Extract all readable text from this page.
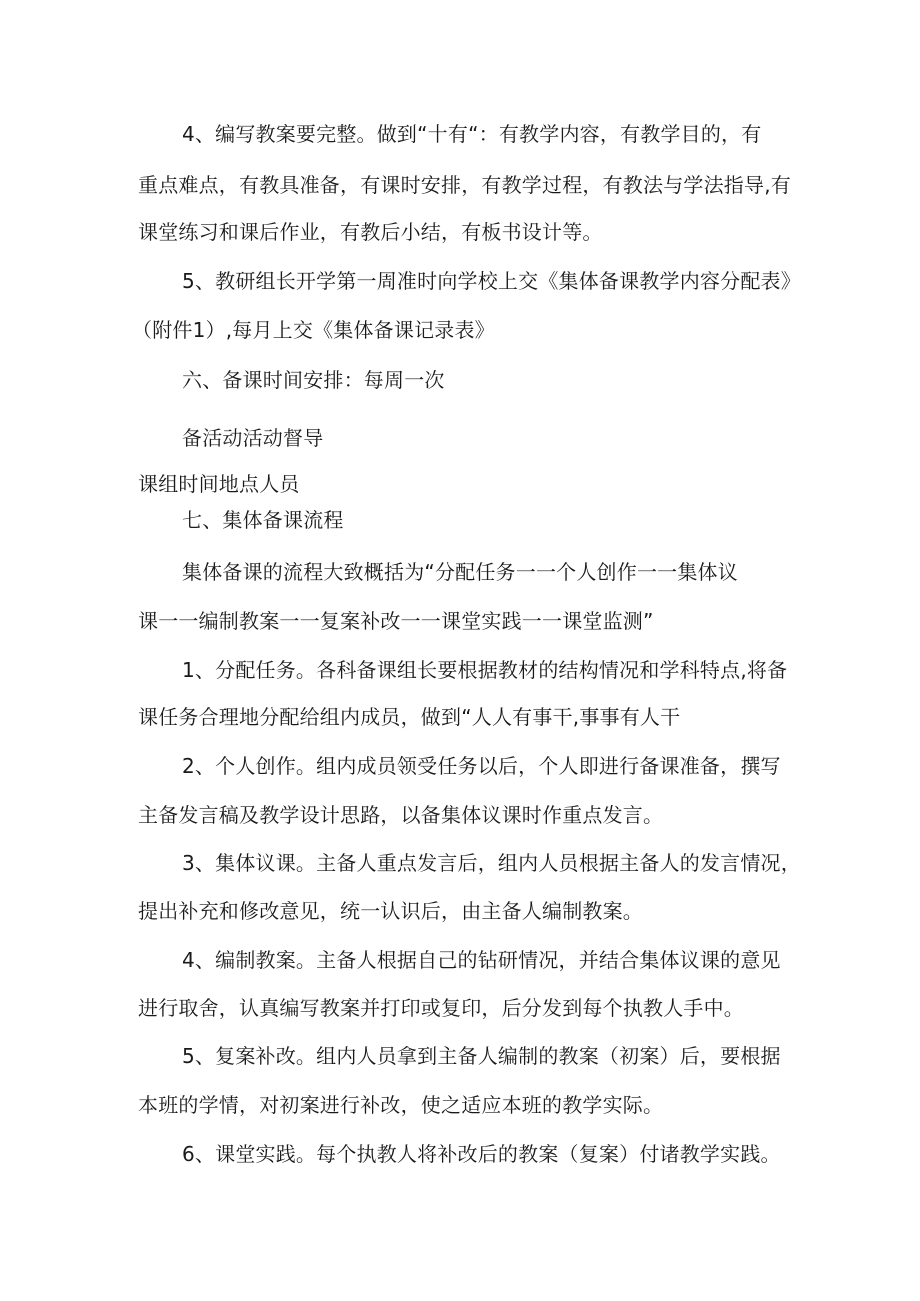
4、编写教案要完整。做到“十有“：有教学内容，有教学目的，有
重点难点，有教具准备，有课时安排，有教学过程，有教法与学法指导,有
课堂练习和课后作业，有教后小结，有板书设计等。
5、教研组长开学第一周准时向学校上交《集体备课教学内容分配表》
（附件1）,每月上交《集体备课记录表》
六、备课时间安排：每周一次
备活动活动督导
课组时间地点人员
七、集体备课流程
集体备课的流程大致概括为“分配任务一一个人创作一一集体议
课一一编制教案一一复案补改一一课堂实践一一课堂监测”
1、分配任务。各科备课组长要根据教材的结构情况和学科特点,将备
课任务合理地分配给组内成员，做到“人人有事干,事事有人干
2、个人创作。组内成员领受任务以后，个人即进行备课准备，撰写
主备发言稿及教学设计思路，以备集体议课时作重点发言。
3、集体议课。主备人重点发言后，组内人员根据主备人的发言情况，
提出补充和修改意见，统一认识后，由主备人编制教案。
4、编制教案。主备人根据自己的钻研情况，并结合集体议课的意见
进行取舍，认真编写教案并打印或复印，后分发到每个执教人手中。
5、复案补改。组内人员拿到主备人编制的教案（初案）后，要根据
本班的学情，对初案进行补改，使之适应本班的教学实际。
6、课堂实践。每个执教人将补改后的教案（复案）付诸教学实践。
